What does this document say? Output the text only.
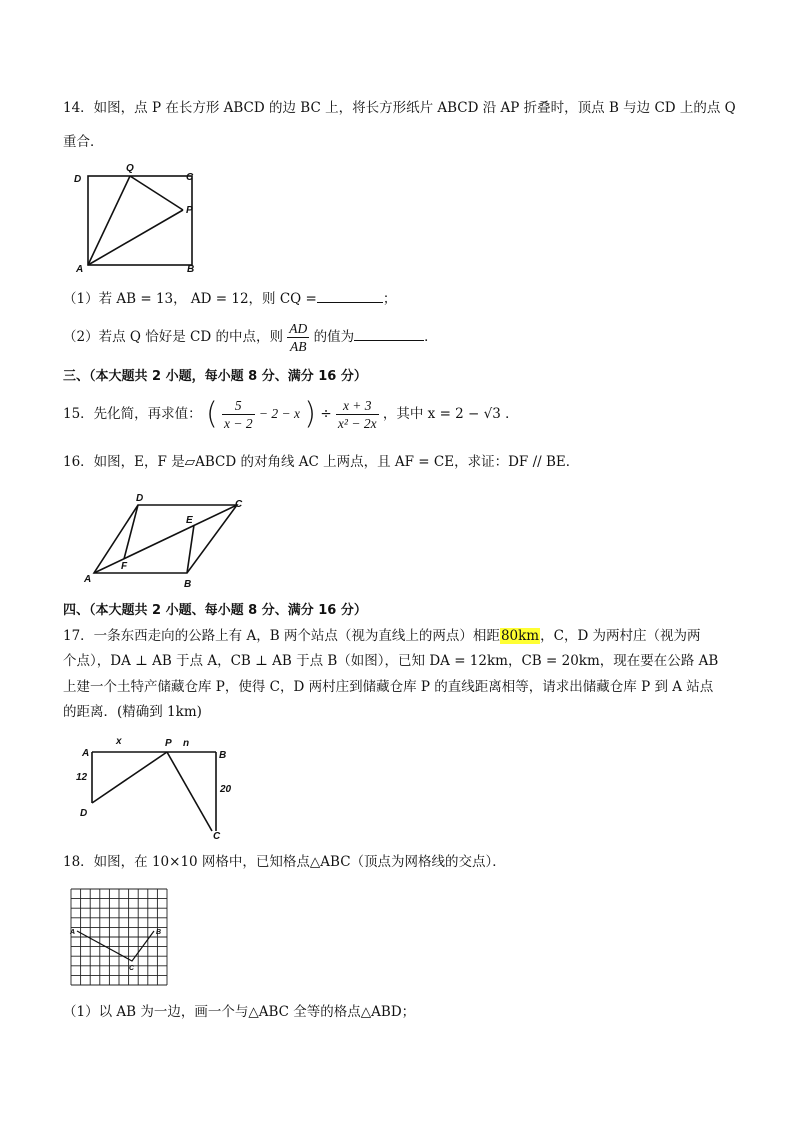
14．如图，点 P 在长方形 ABCD 的边 BC 上，将长方形纸片 ABCD 沿 AP 折叠时，顶点 B 与边 CD 上的点 Q
重合．
D
Q
C
P
A	B
（1）若 AB = 13， AD = 12，则 CQ =	；
（2）若点 Q 恰好是 CD 的中点，则 $\frac{AD}{AB}$ 的值为	．
三、（本大题共 2 小题，每小题 8 分、满分 16 分）
15．先化简，再求值： ( $\frac{5}{x - 2} - 2 - x$ ) ÷ $\frac{x + 3}{\text{x² − 2x}}$ ，其中 x = 2 − √3 ．
16．如图，E，F 是▱ABCD 的对角线 AC 上两点，且 AF = CE，求证：DF // BE．
D
C
E
F
A	B
四、（本大题共 2 小题、每小题 8 分、满分 16 分）
17．一条东西走向的公路上有 A，B 两个站点（视为直线上的两点）相距80km，C，D 为两村庄（视为两
个点），DA ⊥ AB 于点 A，CB ⊥ AB 于点 B（如图），已知 DA = 12km，CB = 20km，现在要在公路 AB
上建一个土特产储藏仓库 P，使得 C，D 两村庄到储藏仓库 P 的直线距离相等，请求出储藏仓库 P 到 A 站点
的距离．(精确到 1km)
A
x	P n
B
12
20
D
C
18．如图，在 10×10 网格中，已知格点△ABC（顶点为网格线的交点）．
A	B
C
（1）以 AB 为一边，画一个与△ABC 全等的格点△ABD；
